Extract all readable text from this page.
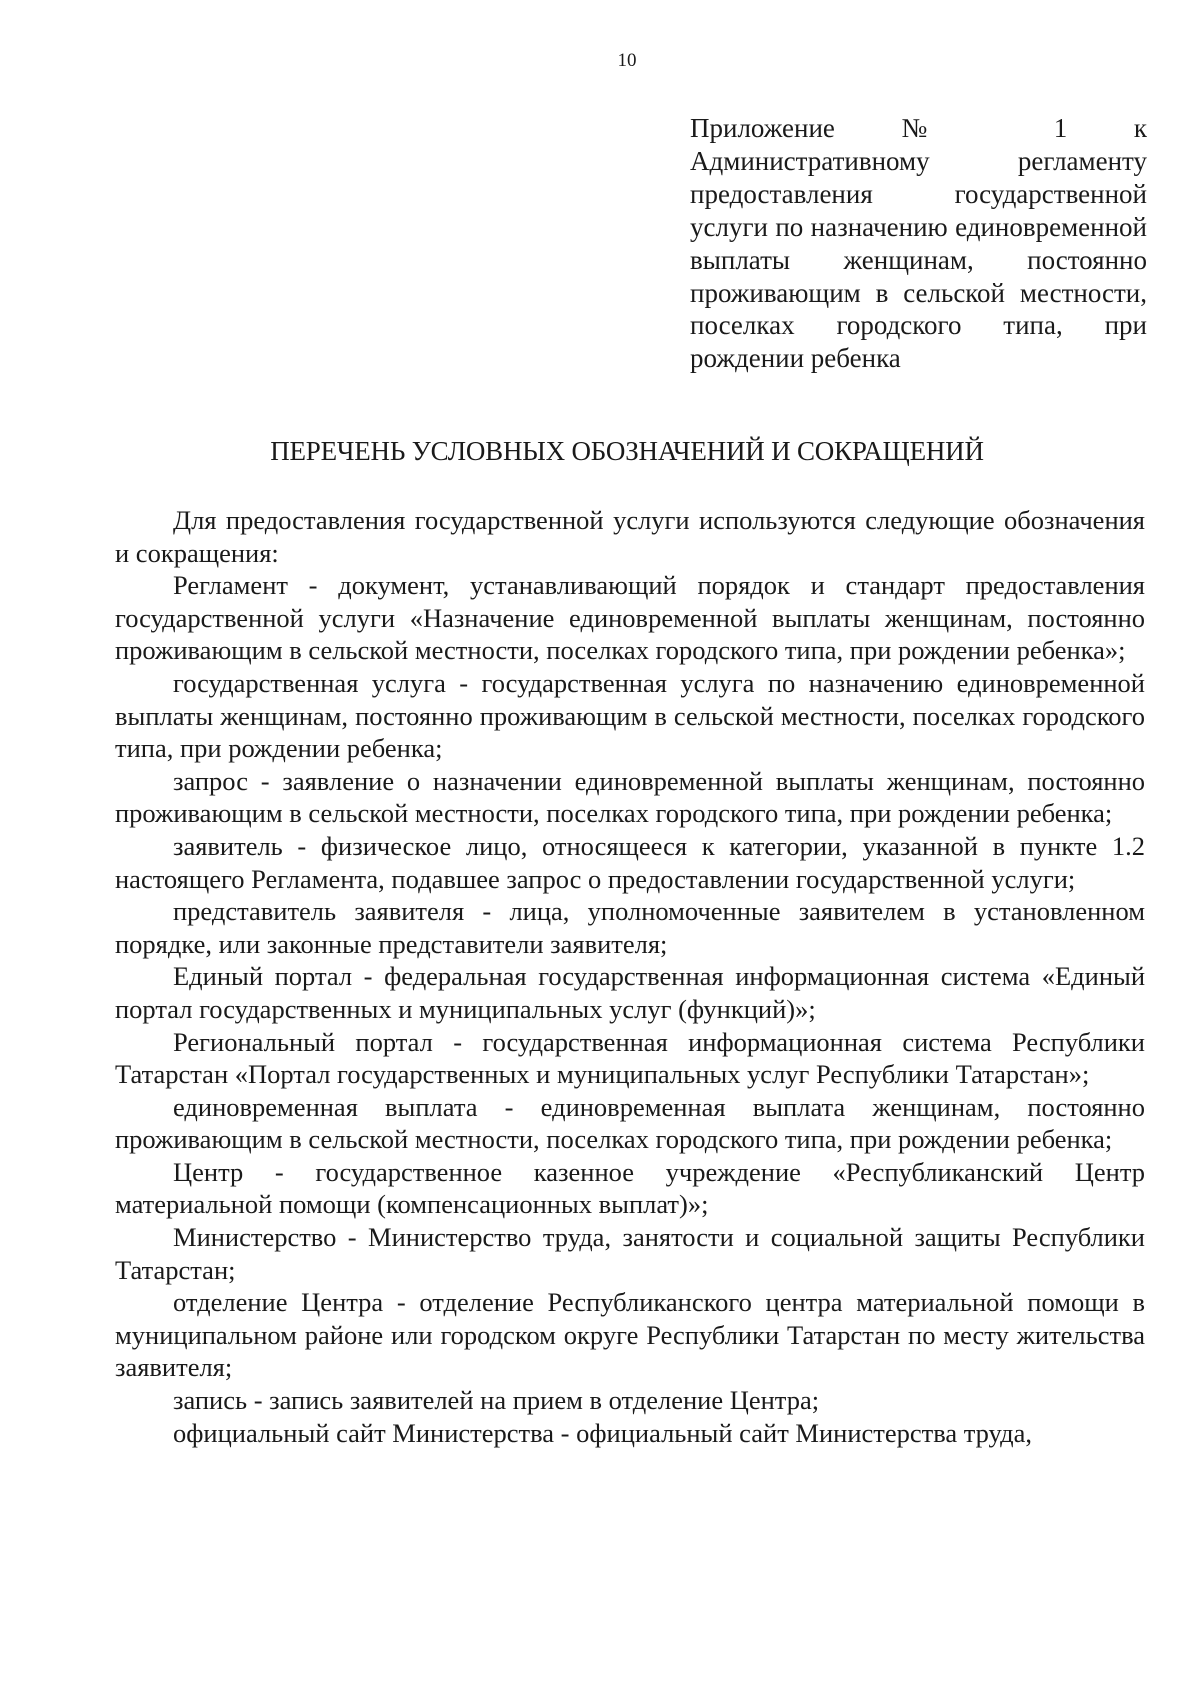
10
Приложение № 1 к Административному регламенту предоставления государственной услуги по назначению единовременной выплаты женщинам, постоянно проживающим в сельской местности, поселках городского типа, при рождении ребенка
ПЕРЕЧЕНЬ УСЛОВНЫХ ОБОЗНАЧЕНИЙ И СОКРАЩЕНИЙ

Для предоставления государственной услуги используются следующие обозначения и сокращения:

Регламент - документ, устанавливающий порядок и стандарт предоставления государственной услуги «Назначение единовременной выплаты женщинам, постоянно проживающим в сельской местности, поселках городского типа, при рождении ребенка»;

государственная услуга - государственная услуга по назначению единовременной выплаты женщинам, постоянно проживающим в сельской местности, поселках городского типа, при рождении ребенка;

запрос - заявление о назначении единовременной выплаты женщинам, постоянно проживающим в сельской местности, поселках городского типа, при рождении ребенка;

заявитель - физическое лицо, относящееся к категории, указанной в пункте 1.2 настоящего Регламента, подавшее запрос о предоставлении государственной услуги;

представитель заявителя - лица, уполномоченные заявителем в установленном порядке, или законные представители заявителя;

Единый портал - федеральная государственная информационная система «Единый портал государственных и муниципальных услуг (функций)»;

Региональный портал - государственная информационная система Республики Татарстан «Портал государственных и муниципальных услуг Республики Татарстан»;

единовременная выплата - единовременная выплата женщинам, постоянно проживающим в сельской местности, поселках городского типа, при рождении ребенка;

Центр - государственное казенное учреждение «Республиканский Центр материальной помощи (компенсационных выплат)»;

Министерство - Министерство труда, занятости и социальной защиты Республики Татарстан;

отделение Центра - отделение Республиканского центра материальной помощи в муниципальном районе или городском округе Республики Татарстан по месту жительства заявителя;

запись - запись заявителей на прием в отделение Центра;

официальный сайт Министерства - официальный сайт Министерства труда,
